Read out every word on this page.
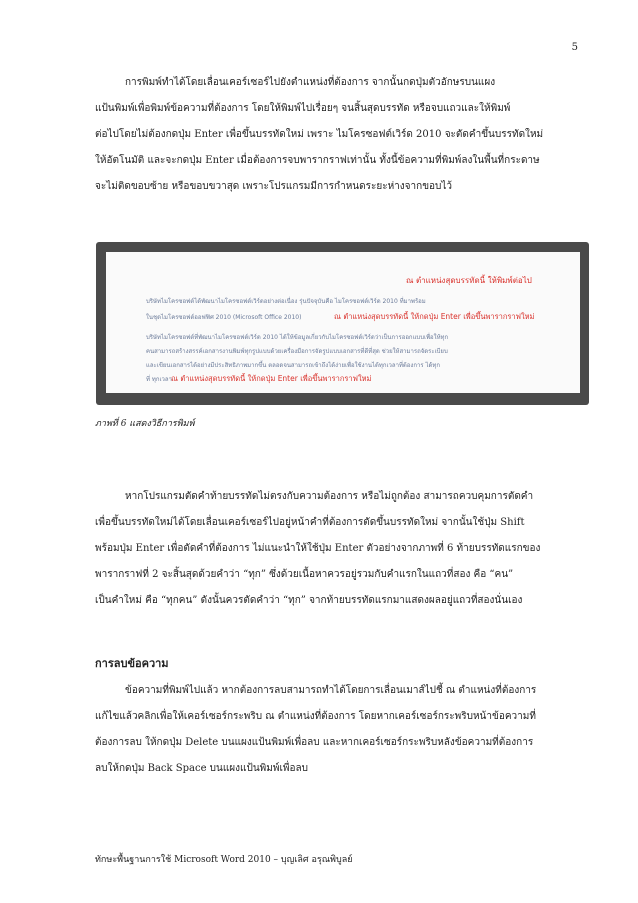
5
การพิมพ์ทำได้โดยเลื่อนเคอร์เซอร์ไปยังตำแหน่งที่ต้องการ จากนั้นกดปุ่มตัวอักษรบนแผง
แป้นพิมพ์เพื่อพิมพ์ข้อความที่ต้องการ โดยให้พิมพ์ไปเรื่อยๆ จนสิ้นสุดบรรทัด หรือจบแถวและให้พิมพ์
ต่อไปโดยไม่ต้องกดปุ่ม Enter เพื่อขึ้นบรรทัดใหม่ เพราะ ไมโครซอฟต์เวิร์ด 2010 จะตัดคำขึ้นบรรทัดใหม่
ให้อัตโนมัติ และจะกดปุ่ม Enter เมื่อต้องการจบพารากราฟเท่านั้น ทั้งนี้ข้อความที่พิมพ์ลงในพื้นที่กระดาษ
จะไม่ติดขอบซ้าย หรือขอบขวาสุด เพราะโปรแกรมมีการกำหนดระยะห่างจากขอบไว้
ณ ตำแหน่งสุดบรรทัดนี้ ให้พิมพ์ต่อไป
บริษัทไมโครซอฟต์ได้พัฒนาไมโครซอฟต์เวิร์ดอย่างต่อเนื่อง รุ่นปัจจุบันคือ ไมโครซอฟต์เวิร์ด 2010 ที่มาพร้อม
ในชุดไมโครซอฟต์ออฟฟิศ 2010 (Microsoft Office 2010)	ณ ตำแหน่งสุดบรรทัดนี้ ให้กดปุ่ม Enter เพื่อขึ้นพารากราฟใหม่
บริษัทไมโครซอฟต์ที่พัฒนาไมโครซอฟต์เวิร์ด 2010 ได้ให้ข้อมูลเกี่ยวกับไมโครซอฟต์เวิร์ดว่าเป็นการออกแบบเพื่อให้ทุก
คนสามารถสร้างสรรค์เอกสารงานพิมพ์ทุกรูปแบบด้วยเครื่องมือการจัดรูปแบบเอกสารที่ดีที่สุด ช่วยให้สามารถจัดระเบียบ
และเขียนเอกสารได้อย่างมีประสิทธิภาพมากขึ้น ตลอดจนสามารถเข้าถึงได้ง่ายเพื่อใช้งานได้ทุกเวลาที่ต้องการ ได้ทุก
ที่ ทุกเวลา ณ ตำแหน่งสุดบรรทัดนี้ ให้กดปุ่ม Enter เพื่อขึ้นพารากราฟใหม่
ภาพที่ 6 แสดงวิธีการพิมพ์
หากโปรแกรมตัดคำท้ายบรรทัดไม่ตรงกับความต้องการ หรือไม่ถูกต้อง สามารถควบคุมการตัดคำ
เพื่อขึ้นบรรทัดใหม่ได้โดยเลื่อนเคอร์เซอร์ไปอยู่หน้าคำที่ต้องการตัดขึ้นบรรทัดใหม่ จากนั้นใช้ปุ่ม Shift
พร้อมปุ่ม Enter เพื่อตัดคำที่ต้องการ ไม่แนะนำให้ใช้ปุ่ม Enter ตัวอย่างจากภาพที่ 6 ท้ายบรรทัดแรกของ
พารากราฟที่ 2 จะสิ้นสุดด้วยคำว่า “ทุก” ซึ่งด้วยเนื้อหาควรอยู่รวมกับคำแรกในแถวที่สอง คือ “คน”
เป็นคำใหม่ คือ “ทุกคน” ดังนั้นควรตัดคำว่า “ทุก” จากท้ายบรรทัดแรกมาแสดงผลอยู่แถวที่สองนั่นเอง
การลบข้อความ
ข้อความที่พิมพ์ไปแล้ว หากต้องการลบสามารถทำได้โดยการเลื่อนเมาส์ไปชี้ ณ ตำแหน่งที่ต้องการ
แก้ไขแล้วคลิกเพื่อให้เคอร์เซอร์กระพริบ ณ ตำแหน่งที่ต้องการ โดยหากเคอร์เซอร์กระพริบหน้าข้อความที่
ต้องการลบ ให้กดปุ่ม Delete บนแผงแป้นพิมพ์เพื่อลบ และหากเคอร์เซอร์กระพริบหลังข้อความที่ต้องการ
ลบให้กดปุ่ม Back Space บนแผงแป้นพิมพ์เพื่อลบ
ทักษะพื้นฐานการใช้ Microsoft Word 2010 – บุญเลิศ อรุณพิบูลย์
